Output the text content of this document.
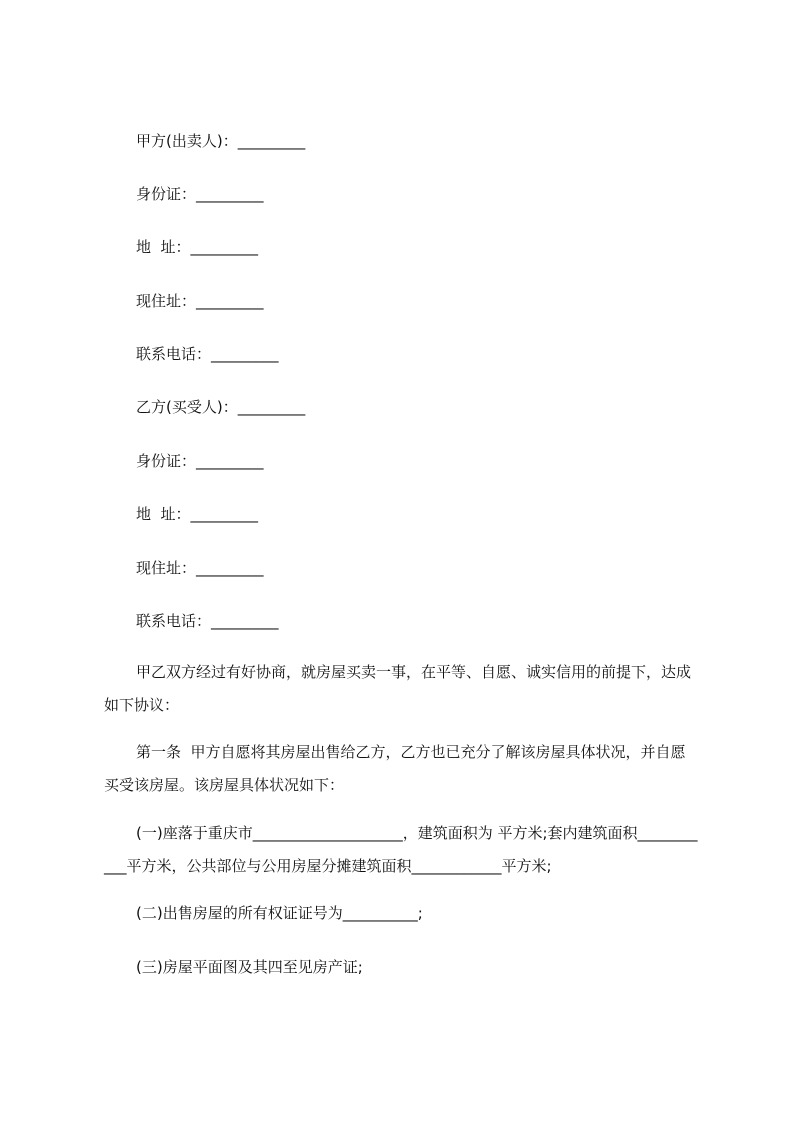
甲方(出卖人)：_________

身份证：_________

地  址：_________

现住址：_________

联系电话：_________

乙方(买受人)：_________

身份证：_________

地  址：_________

现住址：_________

联系电话：_________

甲乙双方经过有好协商，就房屋买卖一事，在平等、自愿、诚实信用的前提下，达成如下协议：

第一条  甲方自愿将其房屋出售给乙方，乙方也已充分了解该房屋具体状况，并自愿买受该房屋。该房屋具体状况如下：

(一)座落于重庆市____________________，建筑面积为 平方米;套内建筑面积___________平方米，公共部位与公用房屋分摊建筑面积____________平方米;

(二)出售房屋的所有权证证号为__________;

(三)房屋平面图及其四至见房产证;
